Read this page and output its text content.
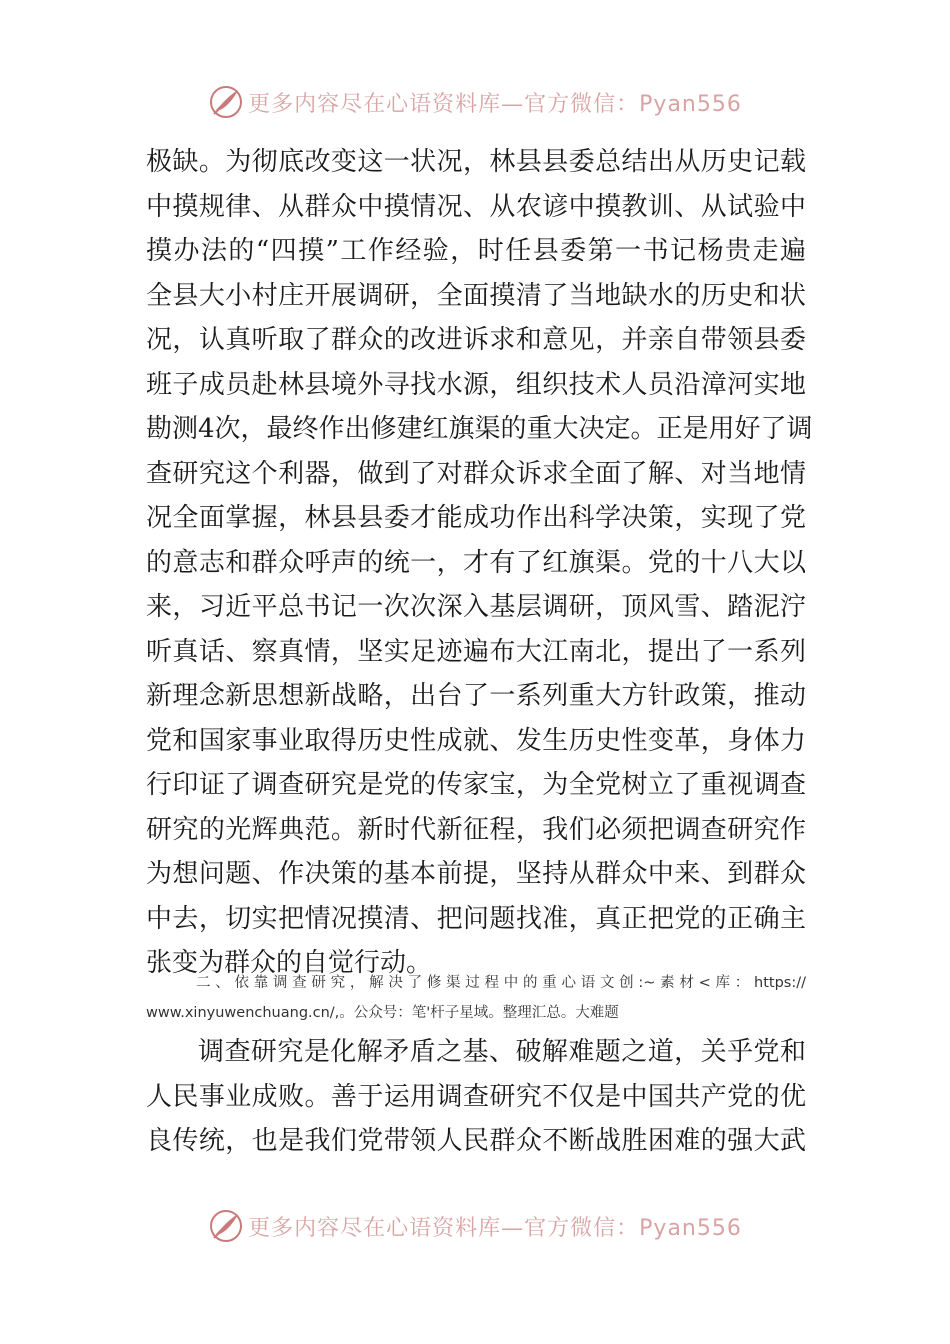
更多内容尽在心语资料库—官方微信：Pyan556
极缺。为彻底改变这一状况，林县县委总结出从历史记载
中摸规律、从群众中摸情况、从农谚中摸教训、从试验中
摸办法的“四摸”工作经验，时任县委第一书记杨贵走遍
全县大小村庄开展调研，全面摸清了当地缺水的历史和状
况，认真听取了群众的改进诉求和意见，并亲自带领县委
班子成员赴林县境外寻找水源，组织技术人员沿漳河实地
勘测4次，最终作出修建红旗渠的重大决定。正是用好了调
查研究这个利器，做到了对群众诉求全面了解、对当地情
况全面掌握，林县县委才能成功作出科学决策，实现了党
的意志和群众呼声的统一，才有了红旗渠。党的十八大以
来，习近平总书记一次次深入基层调研，顶风雪、踏泥泞
听真话、察真情，坚实足迹遍布大江南北，提出了一系列
新理念新思想新战略，出台了一系列重大方针政策，推动
党和国家事业取得历史性成就、发生历史性变革，身体力
行印证了调查研究是党的传家宝，为全党树立了重视调查
研究的光辉典范。新时代新征程，我们必须把调查研究作
为想问题、作决策的基本前提，坚持从群众中来、到群众
中去，切实把情况摸清、把问题找准，真正把党的正确主
张变为群众的自觉行动。
二、依靠调查研究，解决了修渠过程中的重心语文创:~素材<库：https://
www.xinyuwenchuang.cn/,。公众号：笔'杆子星域。整理汇总。大难题
调查研究是化解矛盾之基、破解难题之道，关乎党和
人民事业成败。善于运用调查研究不仅是中国共产党的优
良传统，也是我们党带领人民群众不断战胜困难的强大武
更多内容尽在心语资料库—官方微信：Pyan556
